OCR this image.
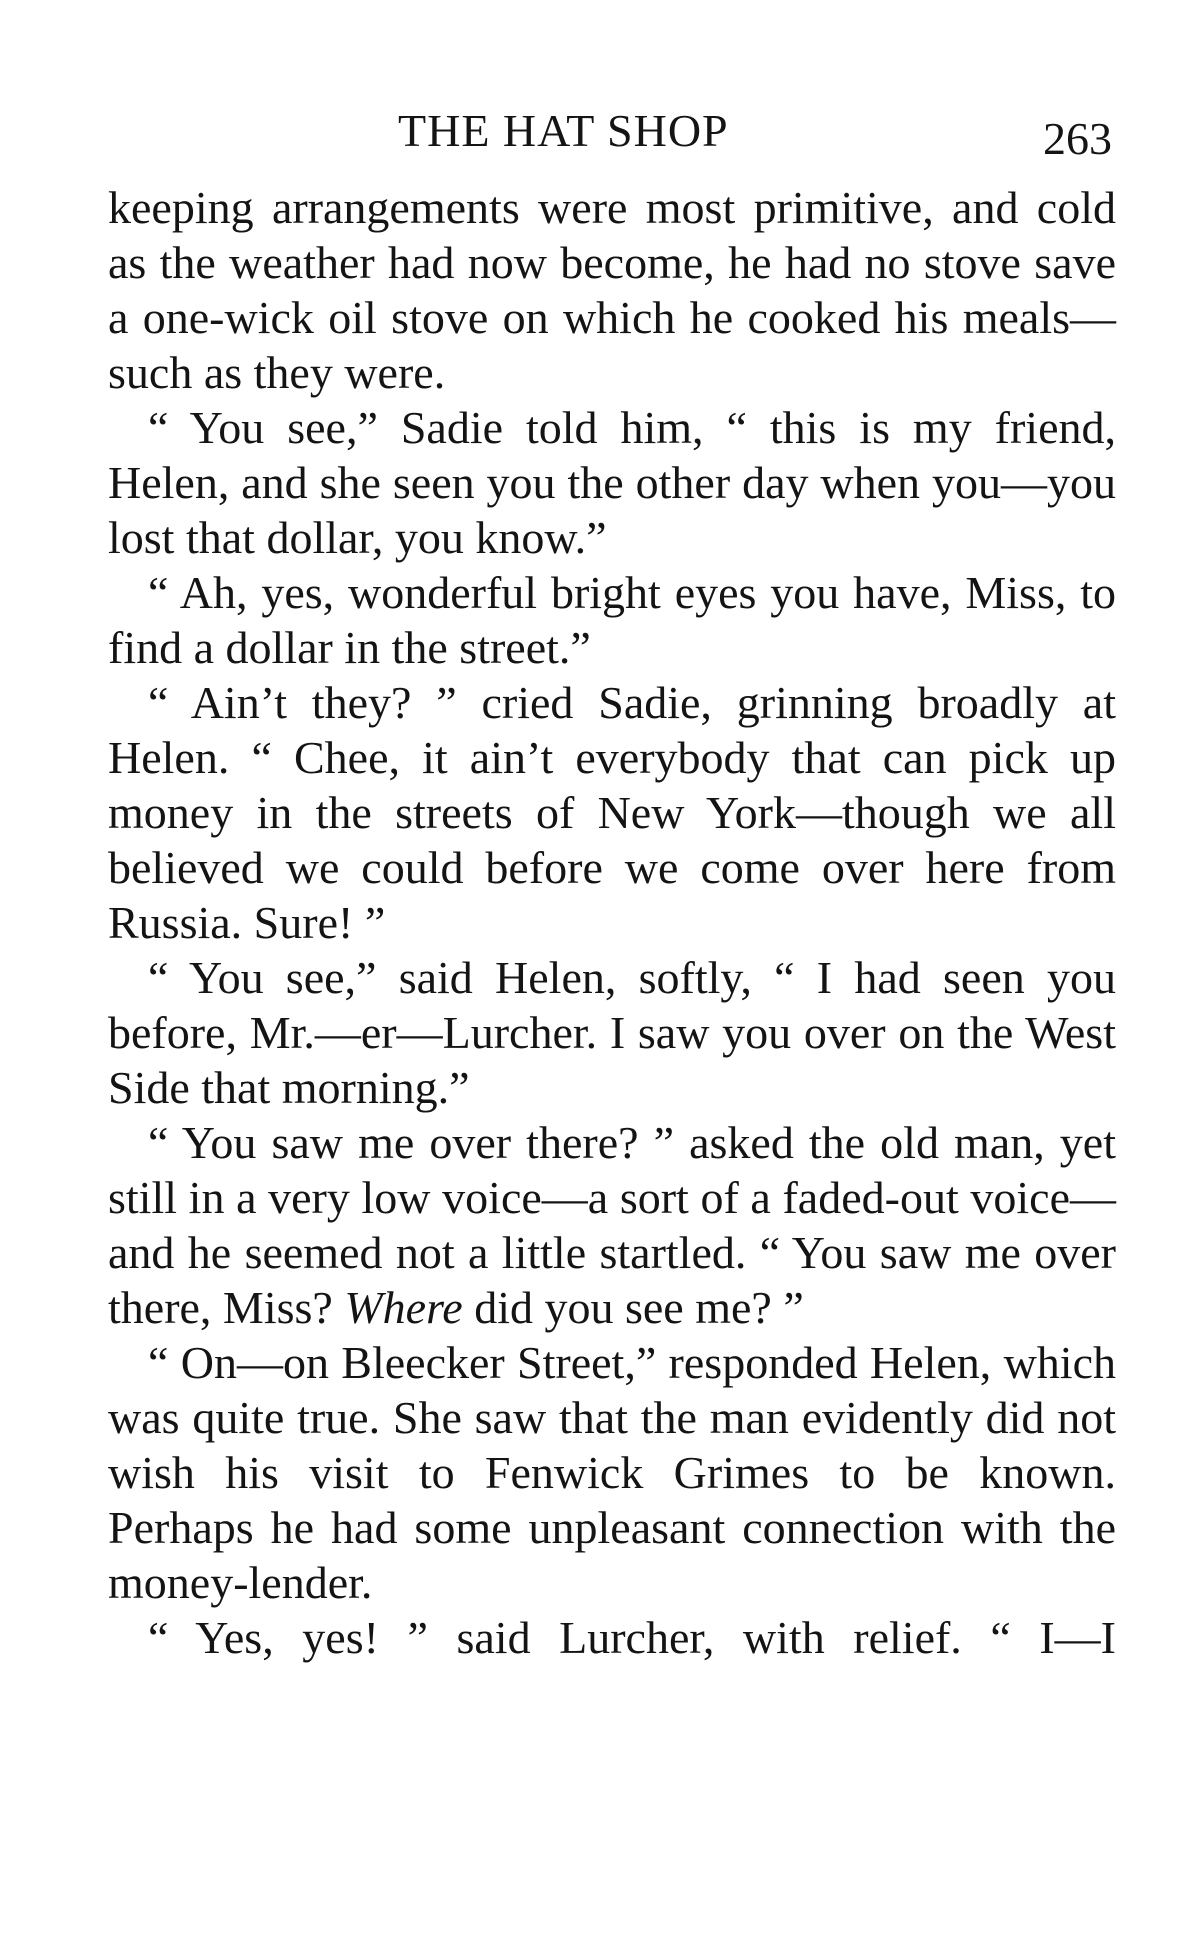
THE HAT SHOP	263

keeping arrangements were most primitive, and cold as the weather had now become, he had no stove save a one-wick oil stove on which he cooked his meals—such as they were.

“ You see,” Sadie told him, “ this is my friend, Helen, and she seen you the other day when you—you lost that dollar, you know.”

“ Ah, yes, wonderful bright eyes you have, Miss, to find a dollar in the street.”

“ Ain’t they? ” cried Sadie, grinning broadly at Helen. “ Chee, it ain’t everybody that can pick up money in the streets of New York—though we all believed we could before we come over here from Russia. Sure! ”

“ You see,” said Helen, softly, “ I had seen you before, Mr.—er—Lurcher. I saw you over on the West Side that morning.”

“ You saw me over there? ” asked the old man, yet still in a very low voice—a sort of a faded-out voice—and he seemed not a little startled. “ You saw me over there, Miss? Where did you see me? ”

“ On—on Bleecker Street,” responded Helen, which was quite true. She saw that the man evidently did not wish his visit to Fenwick Grimes to be known. Perhaps he had some unpleasant connection with the money-lender.

“ Yes, yes! ” said Lurcher, with relief. “ I—I
